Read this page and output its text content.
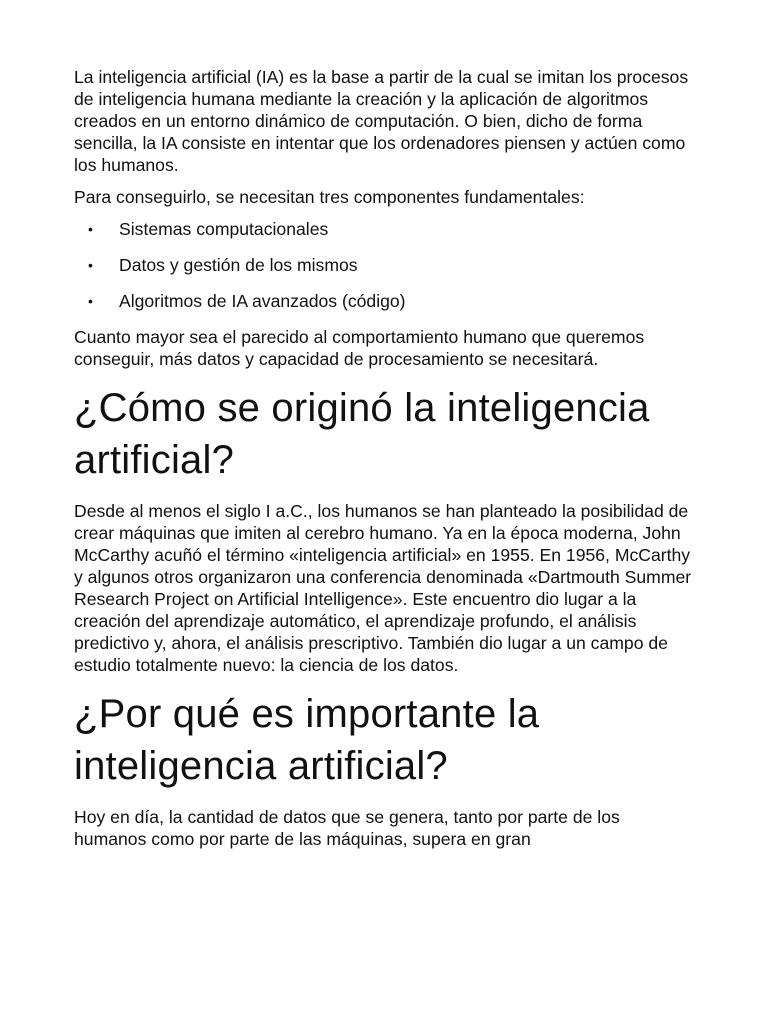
La inteligencia artificial (IA) es la base a partir de la cual se imitan los procesos de inteligencia humana mediante la creación y la aplicación de algoritmos creados en un entorno dinámico de computación. O bien, dicho de forma sencilla, la IA consiste en intentar que los ordenadores piensen y actúen como los humanos.

Para conseguirlo, se necesitan tres componentes fundamentales:

• Sistemas computacionales
• Datos y gestión de los mismos
• Algoritmos de IA avanzados (código)

Cuanto mayor sea el parecido al comportamiento humano que queremos conseguir, más datos y capacidad de procesamiento se necesitará.

¿Cómo se originó la inteligencia artificial?

Desde al menos el siglo I a.C., los humanos se han planteado la posibilidad de crear máquinas que imiten al cerebro humano. Ya en la época moderna, John McCarthy acuñó el término «inteligencia artificial» en 1955. En 1956, McCarthy y algunos otros organizaron una conferencia denominada «Dartmouth Summer Research Project on Artificial Intelligence». Este encuentro dio lugar a la creación del aprendizaje automático, el aprendizaje profundo, el análisis predictivo y, ahora, el análisis prescriptivo. También dio lugar a un campo de estudio totalmente nuevo: la ciencia de los datos.

¿Por qué es importante la inteligencia artificial?

Hoy en día, la cantidad de datos que se genera, tanto por parte de los humanos como por parte de las máquinas, supera en gran
